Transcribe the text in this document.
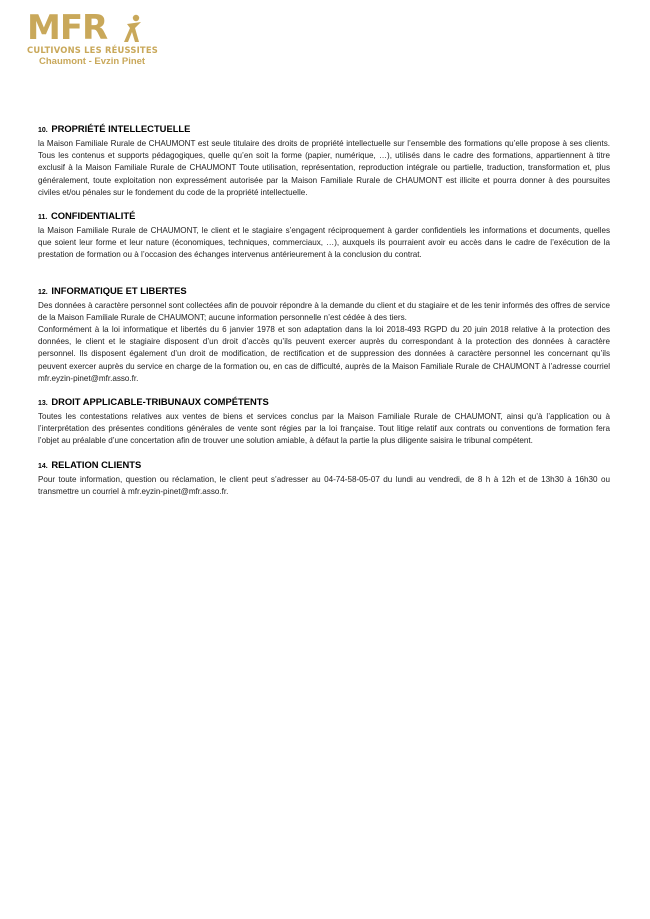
MFR
CULTIVONS LES RÉUSSITES
Chaumont - Evzin Pinet
10. PROPRIÉTÉ INTELLECTUELLE

la Maison Familiale Rurale de CHAUMONT est seule titulaire des droits de propriété intellectuelle sur l’ensemble des formations qu’elle propose à ses clients. Tous les contenus et supports pédagogiques, quelle qu’en soit la forme (papier, numérique, …), utilisés dans le cadre des formations, appartiennent à titre exclusif à la Maison Familiale Rurale de CHAUMONT Toute utilisation, représentation, reproduction intégrale ou partielle, traduction, transformation et, plus généralement, toute exploitation non expressément autorisée par la Maison Familiale Rurale de CHAUMONT est illicite et pourra donner à des poursuites civiles et/ou pénales sur le fondement du code de la propriété intellectuelle.

11. CONFIDENTIALITÉ

la Maison Familiale Rurale de CHAUMONT, le client et le stagiaire s’engagent réciproquement à garder confidentiels les informations et documents, quelles que soient leur forme et leur nature (économiques, techniques, commerciaux, …), auxquels ils pourraient avoir eu accès dans le cadre de l’exécution de la prestation de formation ou à l’occasion des échanges intervenus antérieurement à la conclusion du contrat.

12. INFORMATIQUE ET LIBERTES

Des données à caractère personnel sont collectées afin de pouvoir répondre à la demande du client et du stagiaire et de les tenir informés des offres de service de la Maison Familiale Rurale de CHAUMONT; aucune information personnelle n’est cédée à des tiers.

Conformément à la loi informatique et libertés du 6 janvier 1978 et son adaptation dans la loi 2018-493 RGPD du 20 juin 2018 relative à la protection des données, le client et le stagiaire disposent d’un droit d’accès qu’ils peuvent exercer auprès du correspondant à la protection des données à caractère personnel. Ils disposent également d’un droit de modification, de rectification et de suppression des données à caractère personnel les concernant qu’ils peuvent exercer auprès du service en charge de la formation ou, en cas de difficulté, auprès de la Maison Familiale Rurale de CHAUMONT à l’adresse courriel mfr.eyzin-pinet@mfr.asso.fr.

13. DROIT APPLICABLE-TRIBUNAUX COMPÉTENTS

Toutes les contestations relatives aux ventes de biens et services conclus par la Maison Familiale Rurale de CHAUMONT, ainsi qu’à l’application ou à l’interprétation des présentes conditions générales de vente sont régies par la loi française. Tout litige relatif aux contrats ou conventions de formation fera l’objet au préalable d’une concertation afin de trouver une solution amiable, à défaut la partie la plus diligente saisira le tribunal compétent.

14. RELATION CLIENTS

Pour toute information, question ou réclamation, le client peut s’adresser au 04-74-58-05-07 du lundi au vendredi, de 8 h à 12h et de 13h30 à 16h30 ou transmettre un courriel à mfr.eyzin-pinet@mfr.asso.fr.
